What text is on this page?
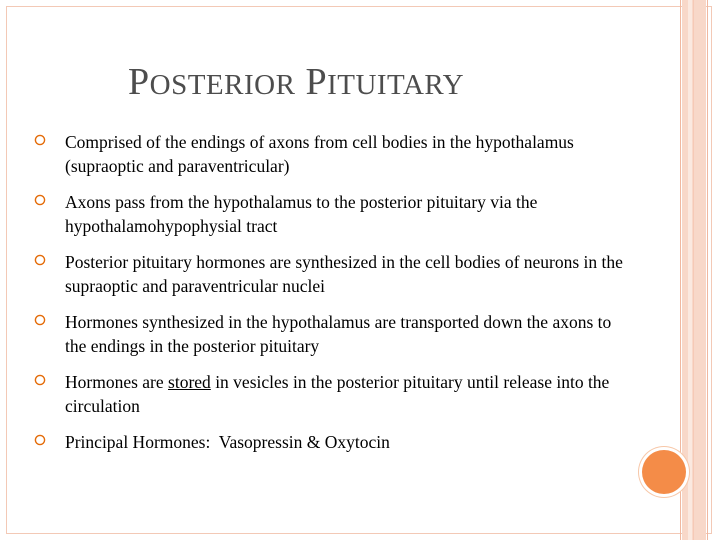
POSTERIOR PITUITARY
Comprised of the endings of axons from cell bodies in the hypothalamus (supraoptic and paraventricular)
Axons pass from the hypothalamus to the posterior pituitary via the hypothalamohypophysial tract
Posterior pituitary hormones are synthesized in the cell bodies of neurons in the supraoptic and paraventricular nuclei
Hormones synthesized in the hypothalamus are transported down the axons to the endings in the posterior pituitary
Hormones are stored in vesicles in the posterior pituitary until release into the circulation
Principal Hormones:  Vasopressin & Oxytocin
